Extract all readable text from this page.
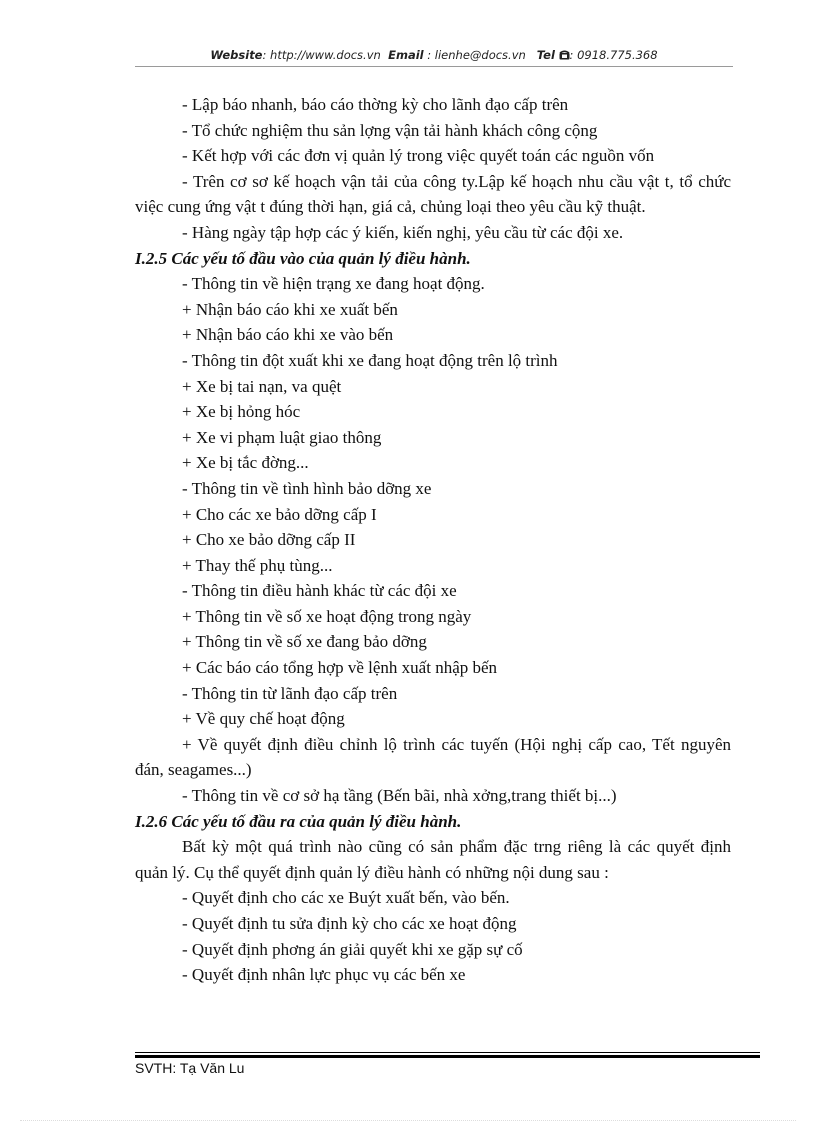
Website: http://www.docs.vn Email : lienhe@docs.vn Tel : 0918.775.368

- Lập báo nhanh, báo cáo thờng kỳ cho lãnh đạo cấp trên

- Tổ chức nghiệm thu sản lợng vận tải hành khách công cộng

- Kết hợp với các đơn vị quản lý trong việc quyết toán các nguồn vốn

- Trên cơ sơ kế hoạch vận tải của công ty.Lập kế hoạch nhu cầu vật t, tổ chức việc cung ứng vật t đúng thời hạn, giá cả, chủng loại theo yêu cầu kỹ thuật.

- Hàng ngày tập hợp các ý kiến, kiến nghị, yêu cầu từ các đội xe.

I.2.5 Các yếu tố đầu vào của quản lý điều hành.

- Thông tin về hiện trạng xe đang hoạt động.

+ Nhận báo cáo khi xe xuất bến

+ Nhận báo cáo khi xe vào bến

- Thông tin đột xuất khi xe đang hoạt động trên lộ trình

+ Xe bị tai nạn, va quệt

+ Xe bị hỏng hóc

+ Xe vi phạm luật giao thông

+ Xe bị tắc đờng...

- Thông tin về tình hình bảo dỡng xe

+ Cho các xe bảo dỡng cấp I

+ Cho xe bảo dỡng cấp II

+ Thay thế phụ tùng...

- Thông tin điều hành khác từ các đội xe

+ Thông tin về số xe hoạt động trong ngày

+ Thông tin về số xe đang bảo dỡng

+ Các báo cáo tổng hợp về lệnh xuất nhập bến

- Thông tin từ lãnh đạo cấp trên

+ Về quy chế hoạt động

+ Về quyết định điều chỉnh lộ trình các tuyến (Hội nghị cấp cao, Tết nguyên đán, seagames...)

- Thông tin về cơ sở hạ tầng (Bến bãi, nhà xởng,trang thiết bị...)

I.2.6 Các yếu tố đầu ra của quản lý điều hành.

Bất kỳ một quá trình nào cũng có sản phẩm đặc trng riêng là các quyết định quản lý. Cụ thể quyết định quản lý điều hành có những nội dung sau :

- Quyết định cho các xe Buýt xuất bến, vào bến.

- Quyết định tu sửa định kỳ cho các xe hoạt động

- Quyết định phơng án giải quyết khi xe gặp sự cố

- Quyết định nhân lực phục vụ các bến xe

SVTH: Tạ Văn Lu
